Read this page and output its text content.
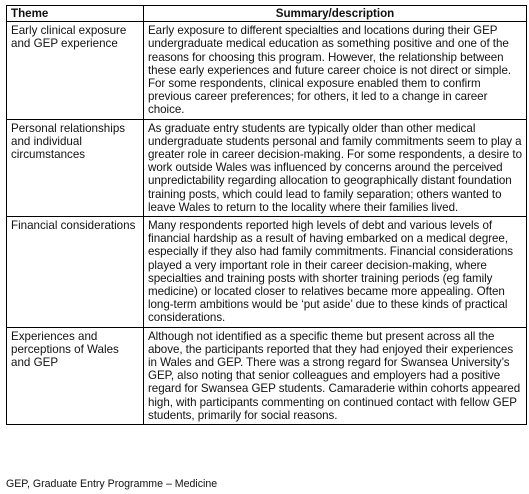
Theme	Summary/description
Early clinical exposure and GEP experience	Early exposure to different specialties and locations during their GEP undergraduate medical education as something positive and one of the reasons for choosing this program. However, the relationship between these early experiences and future career choice is not direct or simple. For some respondents, clinical exposure enabled them to confirm previous career preferences; for others, it led to a change in career choice.
Personal relationships and individual circumstances	As graduate entry students are typically older than other medical undergraduate students personal and family commitments seem to play a greater role in career decision-making. For some respondents, a desire to work outside Wales was influenced by concerns around the perceived unpredictability regarding allocation to geographically distant foundation training posts, which could lead to family separation; others wanted to leave Wales to return to the locality where their families lived.
Financial considerations	Many respondents reported high levels of debt and various levels of financial hardship as a result of having embarked on a medical degree, especially if they also had family commitments. Financial considerations played a very important role in their career decision-making, where specialties and training posts with shorter training periods (eg family medicine) or located closer to relatives became more appealing. Often long-term ambitions would be ‘put aside’ due to these kinds of practical considerations.
Experiences and perceptions of Wales and GEP	Although not identified as a specific theme but present across all the above, the participants reported that they had enjoyed their experiences in Wales and GEP. There was a strong regard for Swansea University’s GEP, also noting that senior colleagues and employers had a positive regard for Swansea GEP students. Camaraderie within cohorts appeared high, with participants commenting on continued contact with fellow GEP students, primarily for social reasons.
GEP, Graduate Entry Programme – Medicine
